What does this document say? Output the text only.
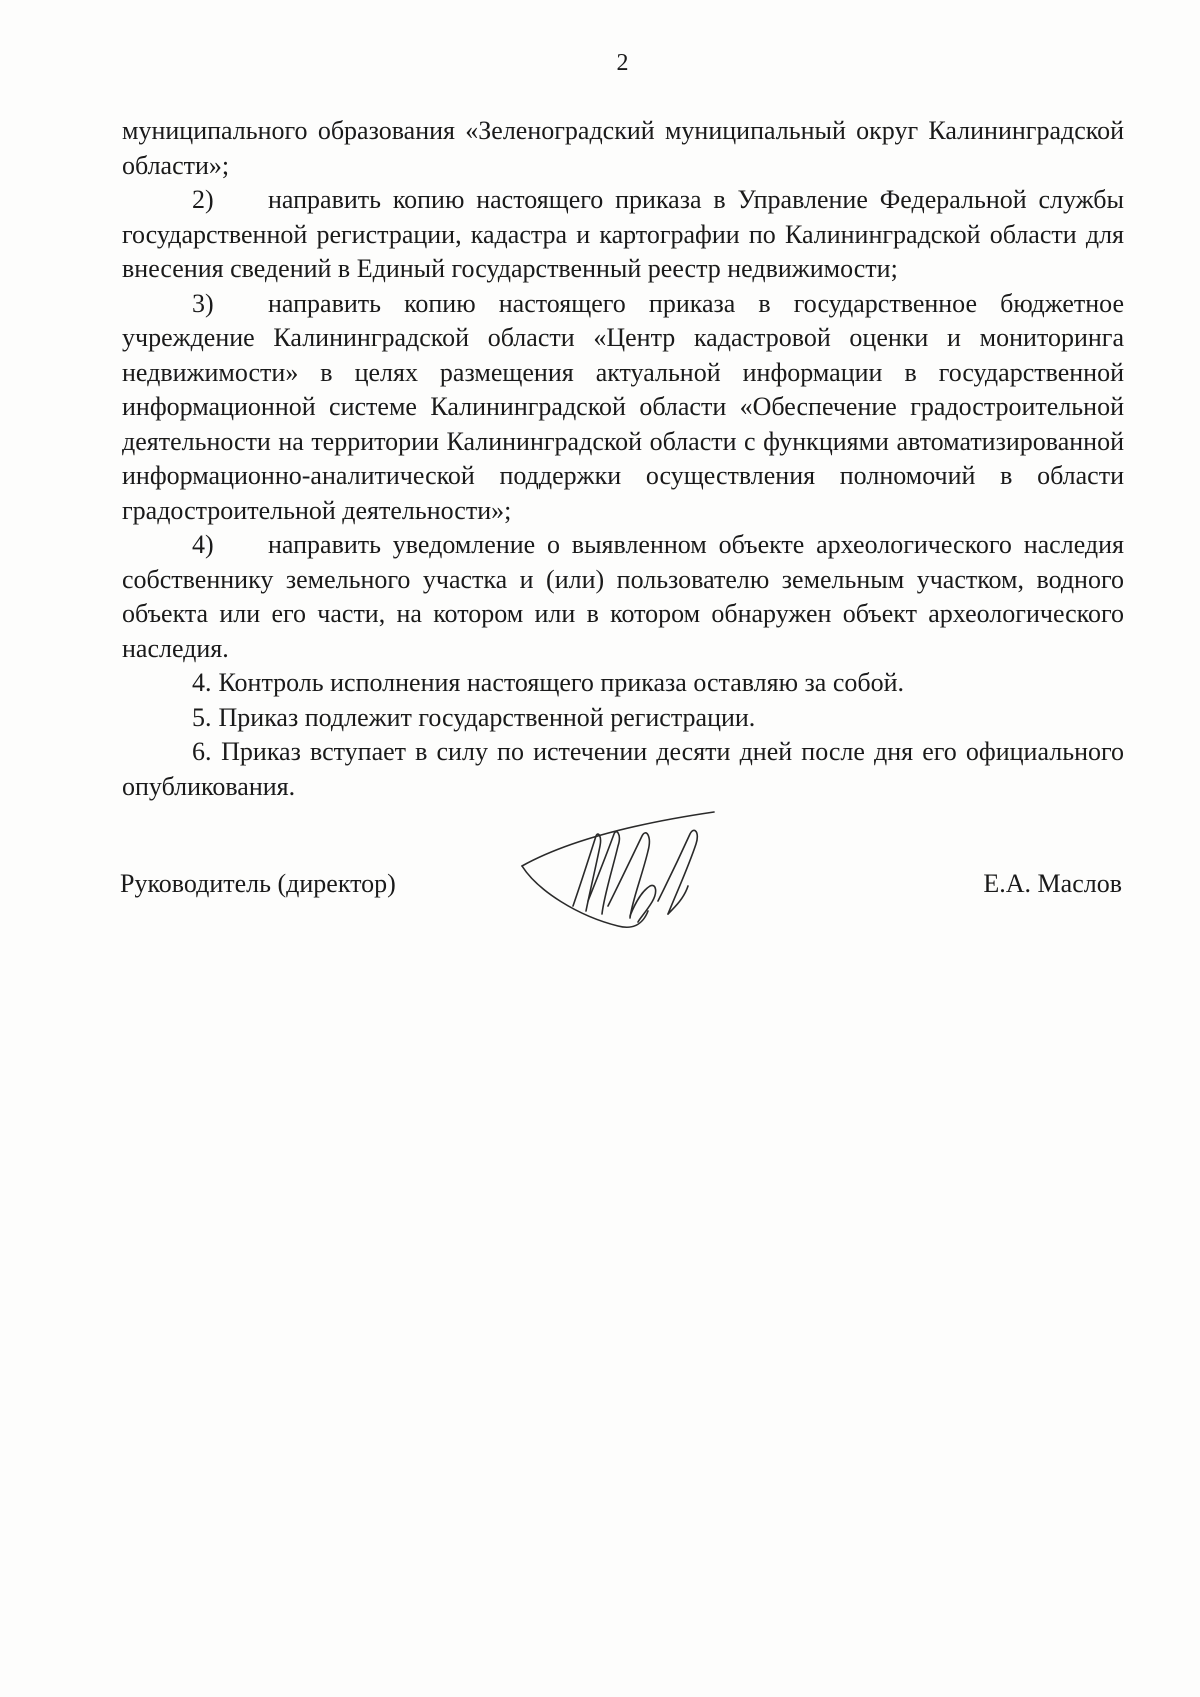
2

муниципального образования «Зеленоградский муниципальный округ Калининградской области»;

2) направить копию настоящего приказа в Управление Федеральной службы государственной регистрации, кадастра и картографии по Калининградской области для внесения сведений в Единый государственный реестр недвижимости;

3) направить копию настоящего приказа в государственное бюджетное учреждение Калининградской области «Центр кадастровой оценки и мониторинга недвижимости» в целях размещения актуальной информации в государственной информационной системе Калининградской области «Обеспечение градостроительной деятельности на территории Калининградской области с функциями автоматизированной информационно-аналитической поддержки осуществления полномочий в области градостроительной деятельности»;

4) направить уведомление о выявленном объекте археологического наследия собственнику земельного участка и (или) пользователю земельным участком, водного объекта или его части, на котором или в котором обнаружен объект археологического наследия.

4. Контроль исполнения настоящего приказа оставляю за собой.

5. Приказ подлежит государственной регистрации.

6. Приказ вступает в силу по истечении десяти дней после дня его официального опубликования.

Руководитель (директор)	Е.А. Маслов
